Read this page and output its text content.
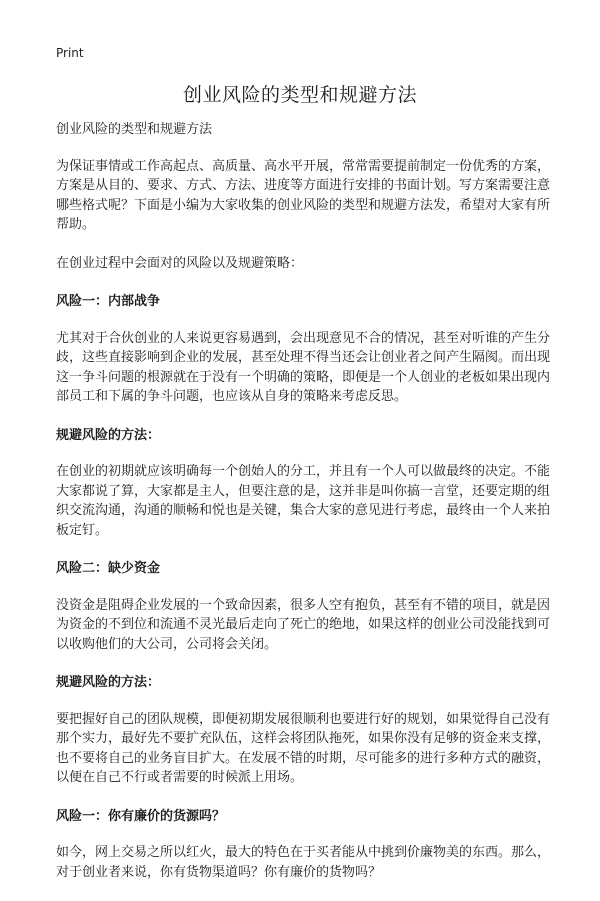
Print
创业风险的类型和规避方法

创业风险的类型和规避方法

为保证事情或工作高起点、高质量、高水平开展，常常需要提前制定一份优秀的方案，方案是从目的、要求、方式、方法、进度等方面进行安排的书面计划。写方案需要注意哪些格式呢？下面是小编为大家收集的创业风险的类型和规避方法发，希望对大家有所帮助。

在创业过程中会面对的风险以及规避策略：

风险一：内部战争

尤其对于合伙创业的人来说更容易遇到，会出现意见不合的情况，甚至对听谁的产生分歧，这些直接影响到企业的发展，甚至处理不得当还会让创业者之间产生隔阂。而出现这一争斗问题的根源就在于没有一个明确的策略，即便是一个人创业的老板如果出现内部员工和下属的争斗问题，也应该从自身的策略来考虑反思。

规避风险的方法：

在创业的初期就应该明确每一个创始人的分工，并且有一个人可以做最终的决定。不能大家都说了算，大家都是主人，但要注意的是，这并非是叫你搞一言堂，还要定期的组织交流沟通，沟通的顺畅和悦也是关键，集合大家的意见进行考虑，最终由一个人来拍板定钉。

风险二：缺少资金

没资金是阻碍企业发展的一个致命因素，很多人空有抱负，甚至有不错的项目，就是因为资金的不到位和流通不灵光最后走向了死亡的绝地，如果这样的创业公司没能找到可以收购他们的大公司，公司将会关闭。

规避风险的方法：

要把握好自己的团队规模，即便初期发展很顺利也要进行好的规划，如果觉得自己没有那个实力，最好先不要扩充队伍，这样会将团队拖死，如果你没有足够的资金来支撑，也不要将自己的业务盲目扩大。在发展不错的时期，尽可能多的进行多种方式的融资，以便在自己不行或者需要的时候派上用场。

风险一：你有廉价的货源吗？

如今，网上交易之所以红火，最大的特色在于买者能从中挑到价廉物美的东西。那么，对于创业者来说，你有货物渠道吗？你有廉价的货物吗？
